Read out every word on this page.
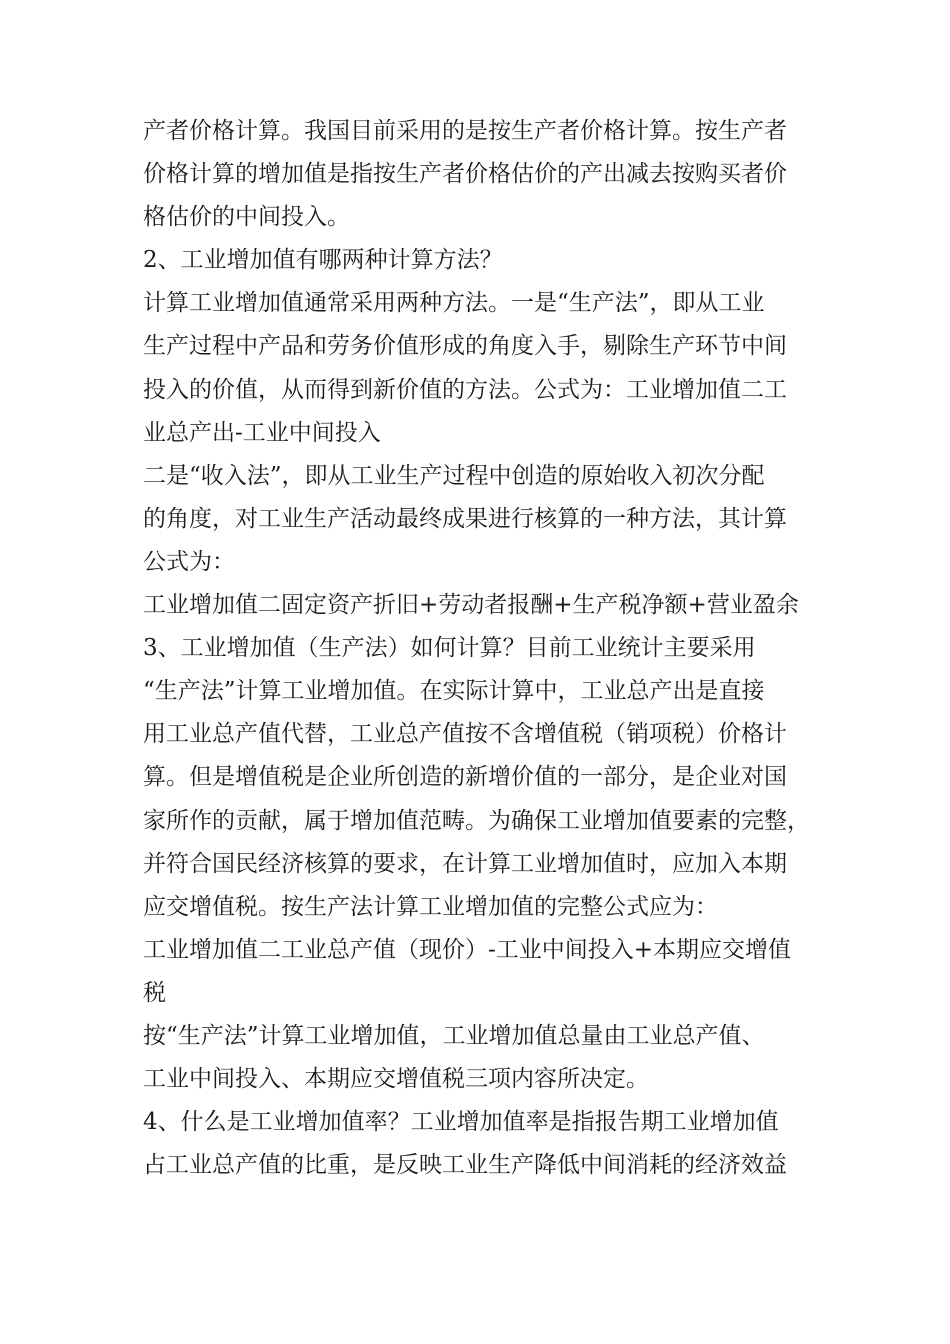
产者价格计算。我国目前采用的是按生产者价格计算。按生产者
价格计算的增加值是指按生产者价格估价的产出减去按购买者价
格估价的中间投入。
2、工业增加值有哪两种计算方法？
计算工业增加值通常采用两种方法。一是“生产法”，即从工业
生产过程中产品和劳务价值形成的角度入手，剔除生产环节中间
投入的价值，从而得到新价值的方法。公式为：工业增加值二工
业总产出-工业中间投入
二是“收入法”，即从工业生产过程中创造的原始收入初次分配
的角度，对工业生产活动最终成果进行核算的一种方法，其计算
公式为：
工业增加值二固定资产折旧+劳动者报酬+生产税净额+营业盈余
3、工业增加值（生产法）如何计算？目前工业统计主要采用
“生产法”计算工业增加值。在实际计算中，工业总产出是直接
用工业总产值代替，工业总产值按不含增值税（销项税）价格计
算。但是增值税是企业所创造的新增价值的一部分，是企业对国
家所作的贡献，属于增加值范畴。为确保工业增加值要素的完整，
并符合国民经济核算的要求，在计算工业增加值时，应加入本期
应交增值税。按生产法计算工业增加值的完整公式应为：
工业增加值二工业总产值（现价）-工业中间投入+本期应交增值
税
按“生产法”计算工业增加值，工业增加值总量由工业总产值、
工业中间投入、本期应交增值税三项内容所决定。
4、什么是工业增加值率？工业增加值率是指报告期工业增加值
占工业总产值的比重，是反映工业生产降低中间消耗的经济效益
